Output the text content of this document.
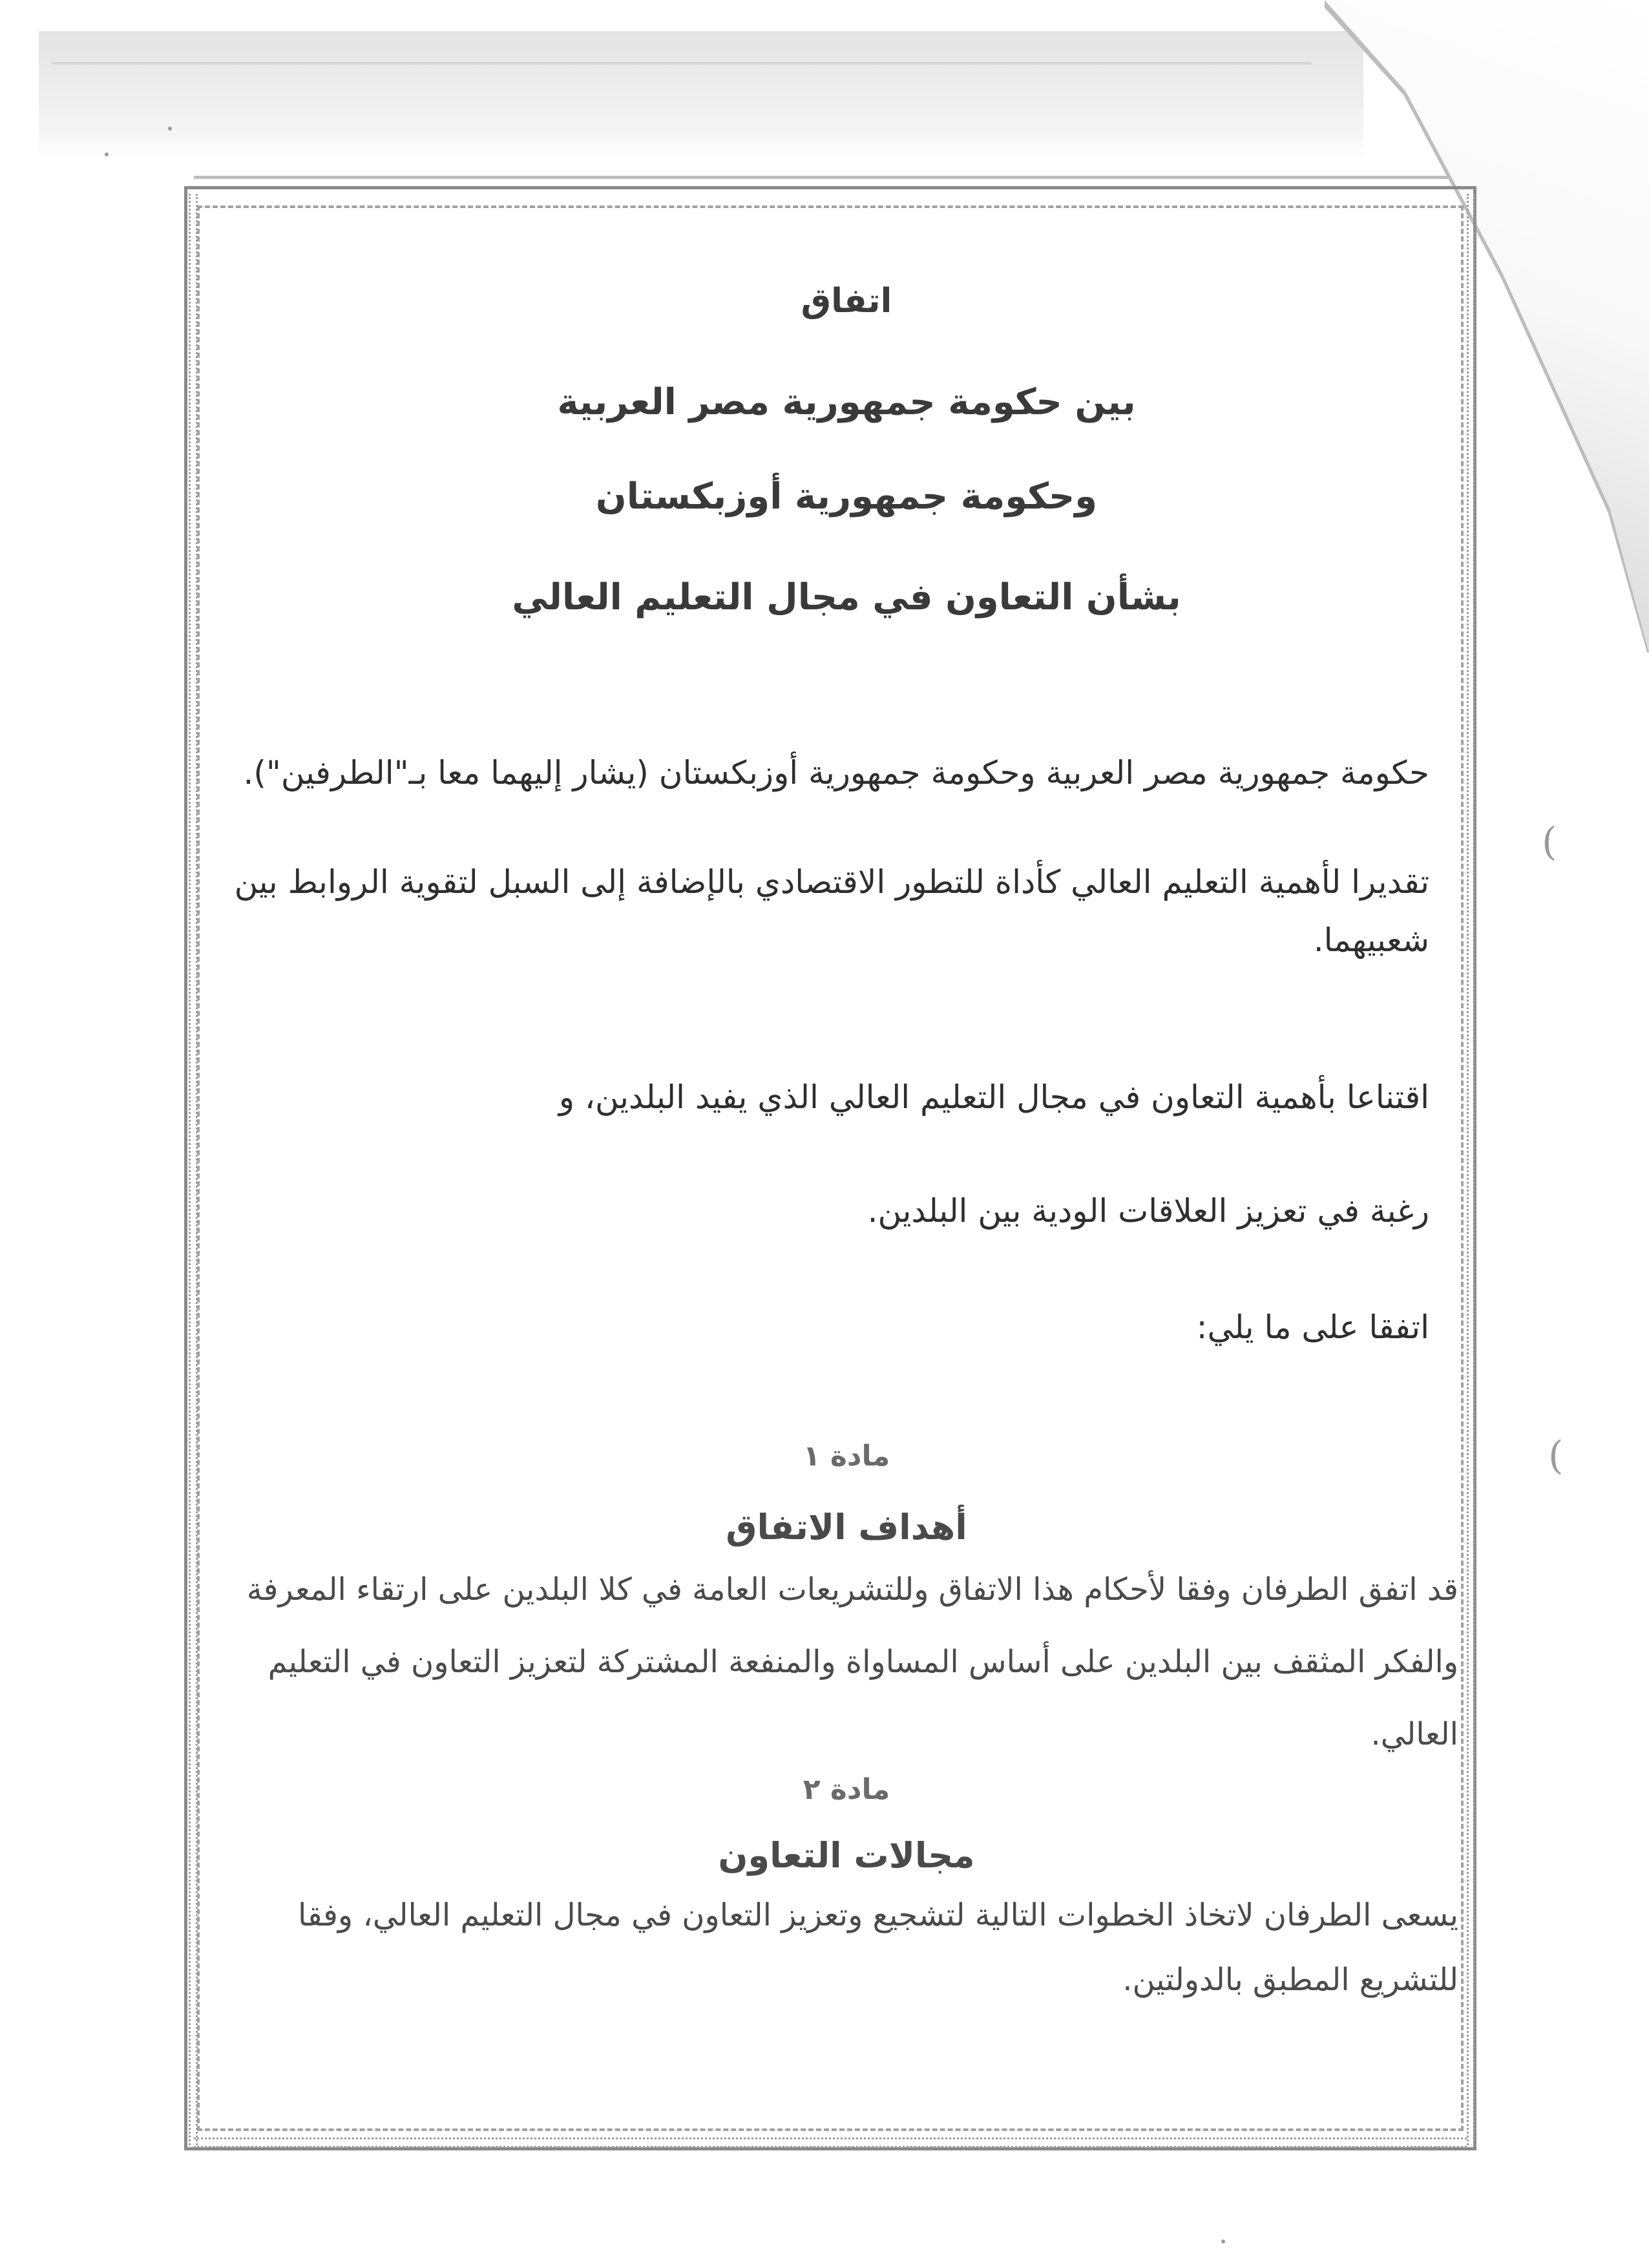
(
(
اتفاق
بين حكومة جمهورية مصر العربية
وحكومة جمهورية أوزبكستان
بشأن التعاون في مجال التعليم العالي
حكومة جمهورية مصر العربية وحكومة جمهورية أوزبكستان (يشار إليهما معا بـ"الطرفين").
تقديرا لأهمية التعليم العالي كأداة للتطور الاقتصادي بالإضافة إلى السبل لتقوية الروابط بين
شعبيهما.
اقتناعا بأهمية التعاون في مجال التعليم العالي الذي يفيد البلدين، و
رغبة في تعزيز العلاقات الودية بين البلدين.
اتفقا على ما يلي:
مادة ١
أهداف الاتفاق
قد اتفق الطرفان وفقا لأحكام هذا الاتفاق وللتشريعات العامة في كلا البلدين على ارتقاء المعرفة
والفكر المثقف بين البلدين على أساس المساواة والمنفعة المشتركة لتعزيز التعاون في التعليم
العالي.
مادة ٢
مجالات التعاون
يسعى الطرفان لاتخاذ الخطوات التالية لتشجيع وتعزيز التعاون في مجال التعليم العالي، وفقا
للتشريع المطبق بالدولتين.
